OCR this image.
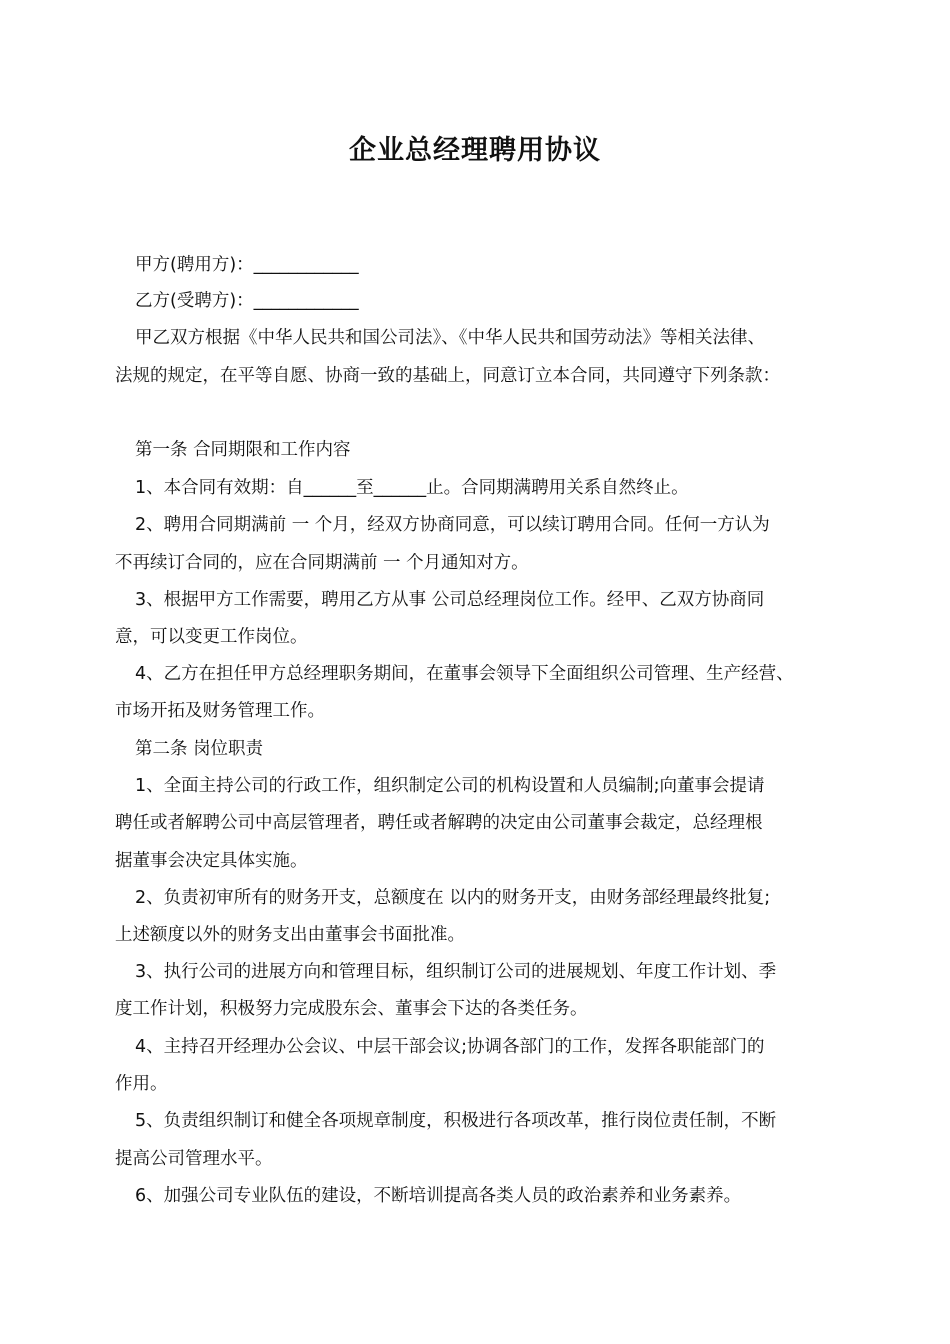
企业总经理聘用协议
甲方(聘用方)：____________
乙方(受聘方)：____________
甲乙双方根据《中华人民共和国公司法》、《中华人民共和国劳动法》等相关法律、
法规的规定，在平等自愿、协商一致的基础上，同意订立本合同，共同遵守下列条款：
第一条 合同期限和工作内容
1、本合同有效期：自______至______止。合同期满聘用关系自然终止。
2、聘用合同期满前 一 个月，经双方协商同意，可以续订聘用合同。任何一方认为
不再续订合同的，应在合同期满前 一 个月通知对方。
3、根据甲方工作需要，聘用乙方从事 公司总经理岗位工作。经甲、乙双方协商同
意，可以变更工作岗位。
4、乙方在担任甲方总经理职务期间，在董事会领导下全面组织公司管理、生产经营、
市场开拓及财务管理工作。
第二条 岗位职责
1、全面主持公司的行政工作，组织制定公司的机构设置和人员编制;向董事会提请
聘任或者解聘公司中高层管理者，聘任或者解聘的决定由公司董事会裁定，总经理根
据董事会决定具体实施。
2、负责初审所有的财务开支，总额度在 以内的财务开支，由财务部经理最终批复;
上述额度以外的财务支出由董事会书面批准。
3、执行公司的进展方向和管理目标，组织制订公司的进展规划、年度工作计划、季
度工作计划，积极努力完成股东会、董事会下达的各类任务。
4、主持召开经理办公会议、中层干部会议;协调各部门的工作，发挥各职能部门的
作用。
5、负责组织制订和健全各项规章制度，积极进行各项改革，推行岗位责任制，不断
提高公司管理水平。
6、加强公司专业队伍的建设，不断培训提高各类人员的政治素养和业务素养。
